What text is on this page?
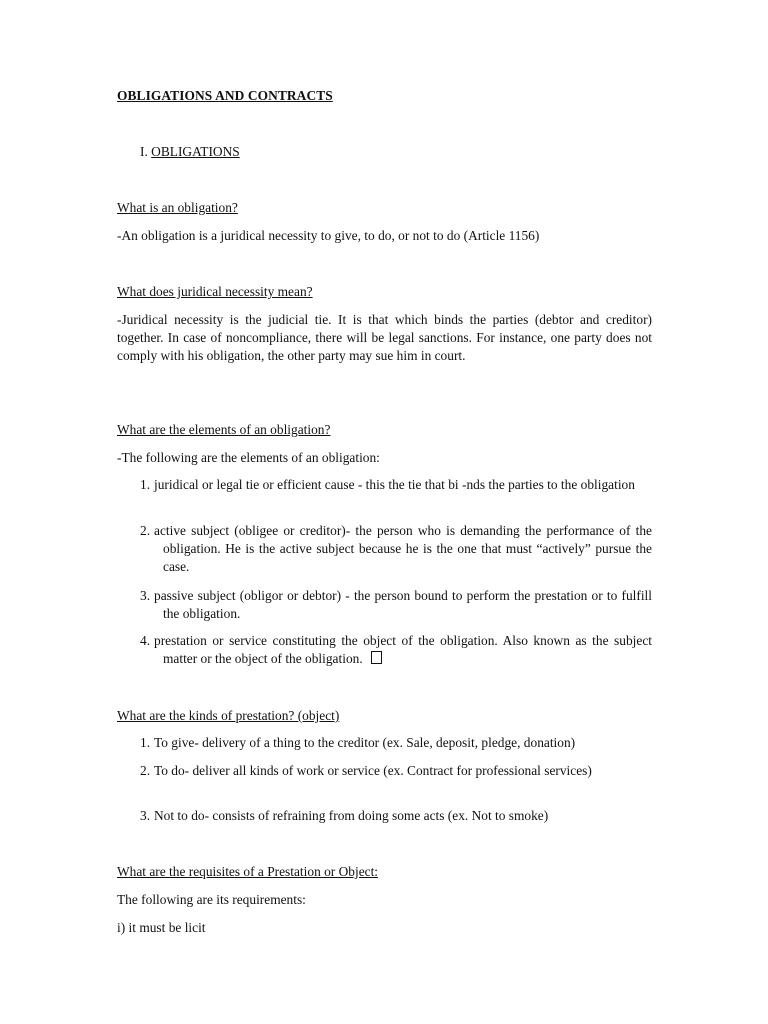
OBLIGATIONS AND CONTRACTS
I. OBLIGATIONS
What is an obligation?
-An obligation is a juridical necessity to give, to do, or not to do (Article 1156)
What does juridical necessity mean?
-Juridical necessity is the judicial tie. It is that which binds the parties (debtor and creditor) together. In case of noncompliance, there will be legal sanctions. For instance, one party does not comply with his obligation, the other party may sue him in court.
What are the elements of an obligation?
-The following are the elements of an obligation:
1. juridical or legal tie or efficient cause - this the tie that bi -nds the parties to the obligation
2. active subject (obligee or creditor)- the person who is demanding the performance of the obligation. He is the active subject because he is the one that must “actively” pursue the case.
3. passive subject (obligor or debtor) - the person bound to perform the prestation or to fulfill the obligation.
4. prestation or service constituting the object of the obligation. Also known as the subject matter or the object of the obligation.
What are the kinds of prestation? (object)
1. To give- delivery of a thing to the creditor (ex. Sale, deposit, pledge, donation)
2. To do- deliver all kinds of work or service (ex. Contract for professional services)
3. Not to do- consists of refraining from doing some acts (ex. Not to smoke)
What are the requisites of a Prestation or Object:
The following are its requirements:
i) it must be licit
